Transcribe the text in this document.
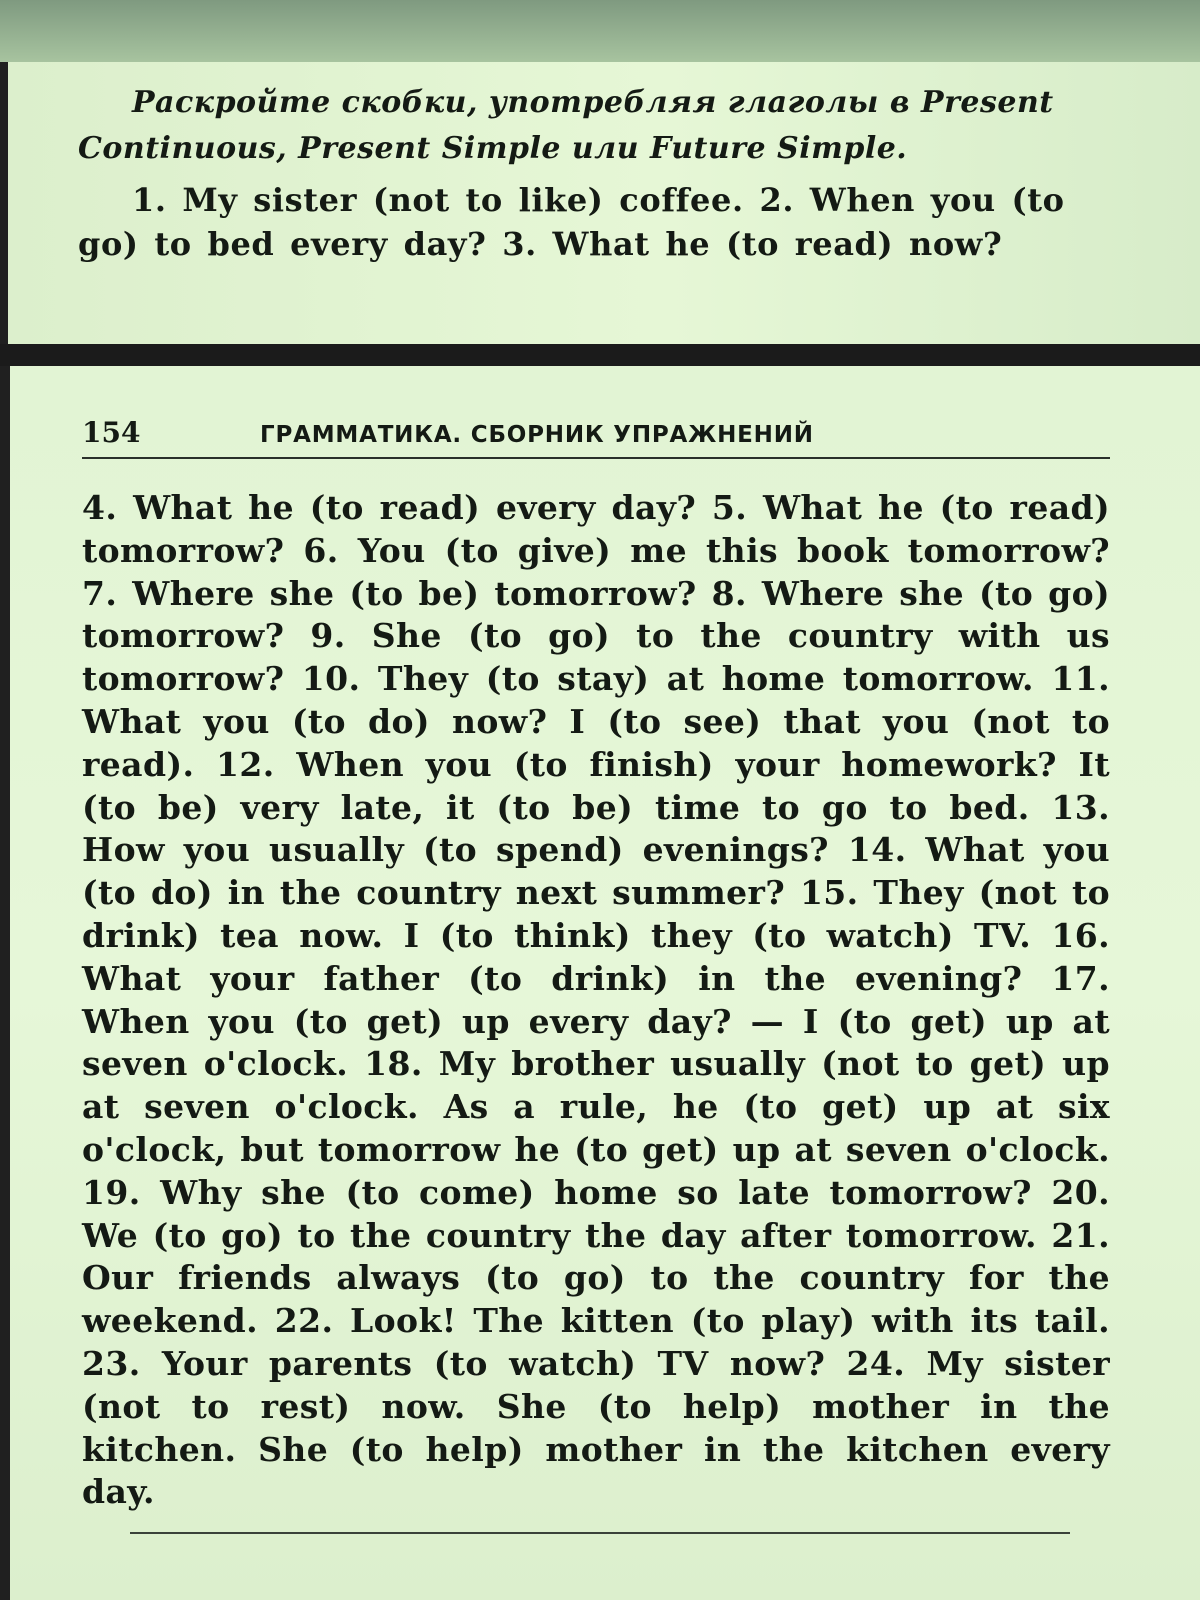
Раскройте скобки, употребляя глаголы в Present Continuous, Present Simple или Future Simple.

1. My sister (not to like) coffee. 2. When you (to go) to bed every day? 3. What he (to read) now?

154	ГРАММАТИКА. СБОРНИК УПРАЖНЕНИЙ

4. What he (to read) every day? 5. What he (to read) tomorrow? 6. You (to give) me this book tomorrow? 7. Where she (to be) tomorrow? 8. Where she (to go) tomorrow? 9. She (to go) to the country with us tomorrow? 10. They (to stay) at home tomorrow. 11. What you (to do) now? I (to see) that you (not to read). 12. When you (to finish) your homework? It (to be) very late, it (to be) time to go to bed. 13. How you usually (to spend) evenings? 14. What you (to do) in the country next summer? 15. They (not to drink) tea now. I (to think) they (to watch) TV. 16. What your father (to drink) in the evening? 17. When you (to get) up every day? — I (to get) up at seven o'clock. 18. My brother usually (not to get) up at seven o'clock. As a rule, he (to get) up at six o'clock, but tomorrow he (to get) up at seven o'clock. 19. Why she (to come) home so late tomorrow? 20. We (to go) to the country the day after tomorrow. 21. Our friends always (to go) to the country for the weekend. 22. Look! The kitten (to play) with its tail. 23. Your parents (to watch) TV now? 24. My sister (not to rest) now. She (to help) mother in the kitchen. She (to help) mother in the kitchen every day.
